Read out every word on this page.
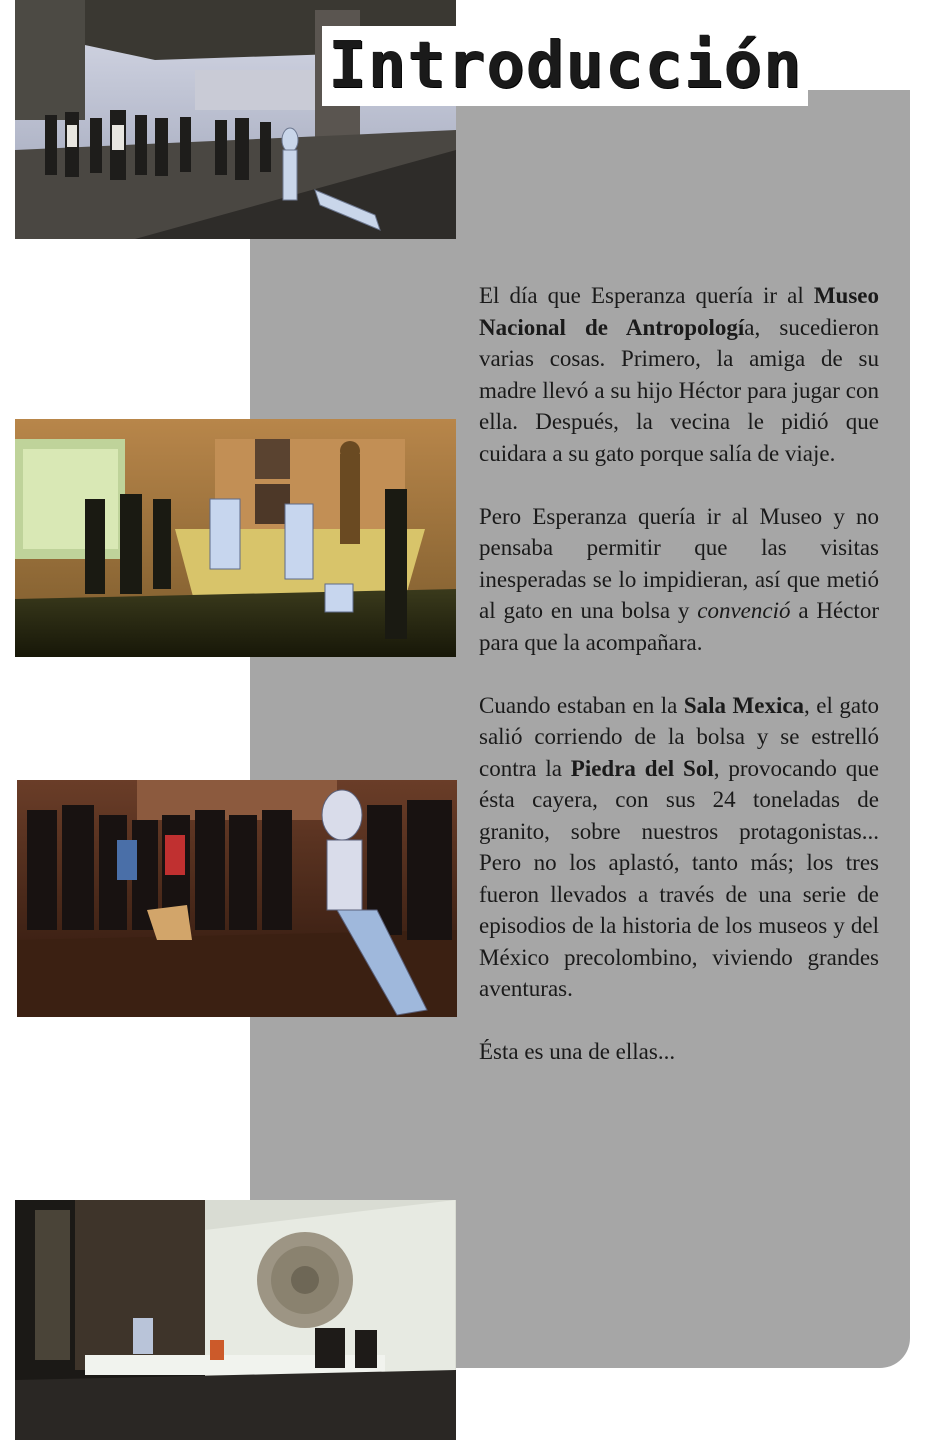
Introducción

El día que Esperanza quería ir al Museo Nacional de Antropología, sucedieron varias cosas. Primero, la amiga de su madre llevó a su hijo Héctor para jugar con ella. Después, la vecina le pidió que cuidara a su gato porque salía de viaje.

Pero Esperanza quería ir al Museo y no pensaba permitir que las visitas inesperadas se lo impidieran, así que metió al gato en una bolsa y convenció a Héctor para que la acompañara.

Cuando estaban en la Sala Mexica, el gato salió corriendo de la bolsa y se estrelló contra la Piedra del Sol, provocando que ésta cayera, con sus 24 toneladas de granito, sobre nuestros protagonistas... Pero no los aplastó, tanto más; los tres fueron llevados a través de una serie de episodios de la historia de los museos y del México precolombino, viviendo grandes aventuras.

Ésta es una de ellas...
